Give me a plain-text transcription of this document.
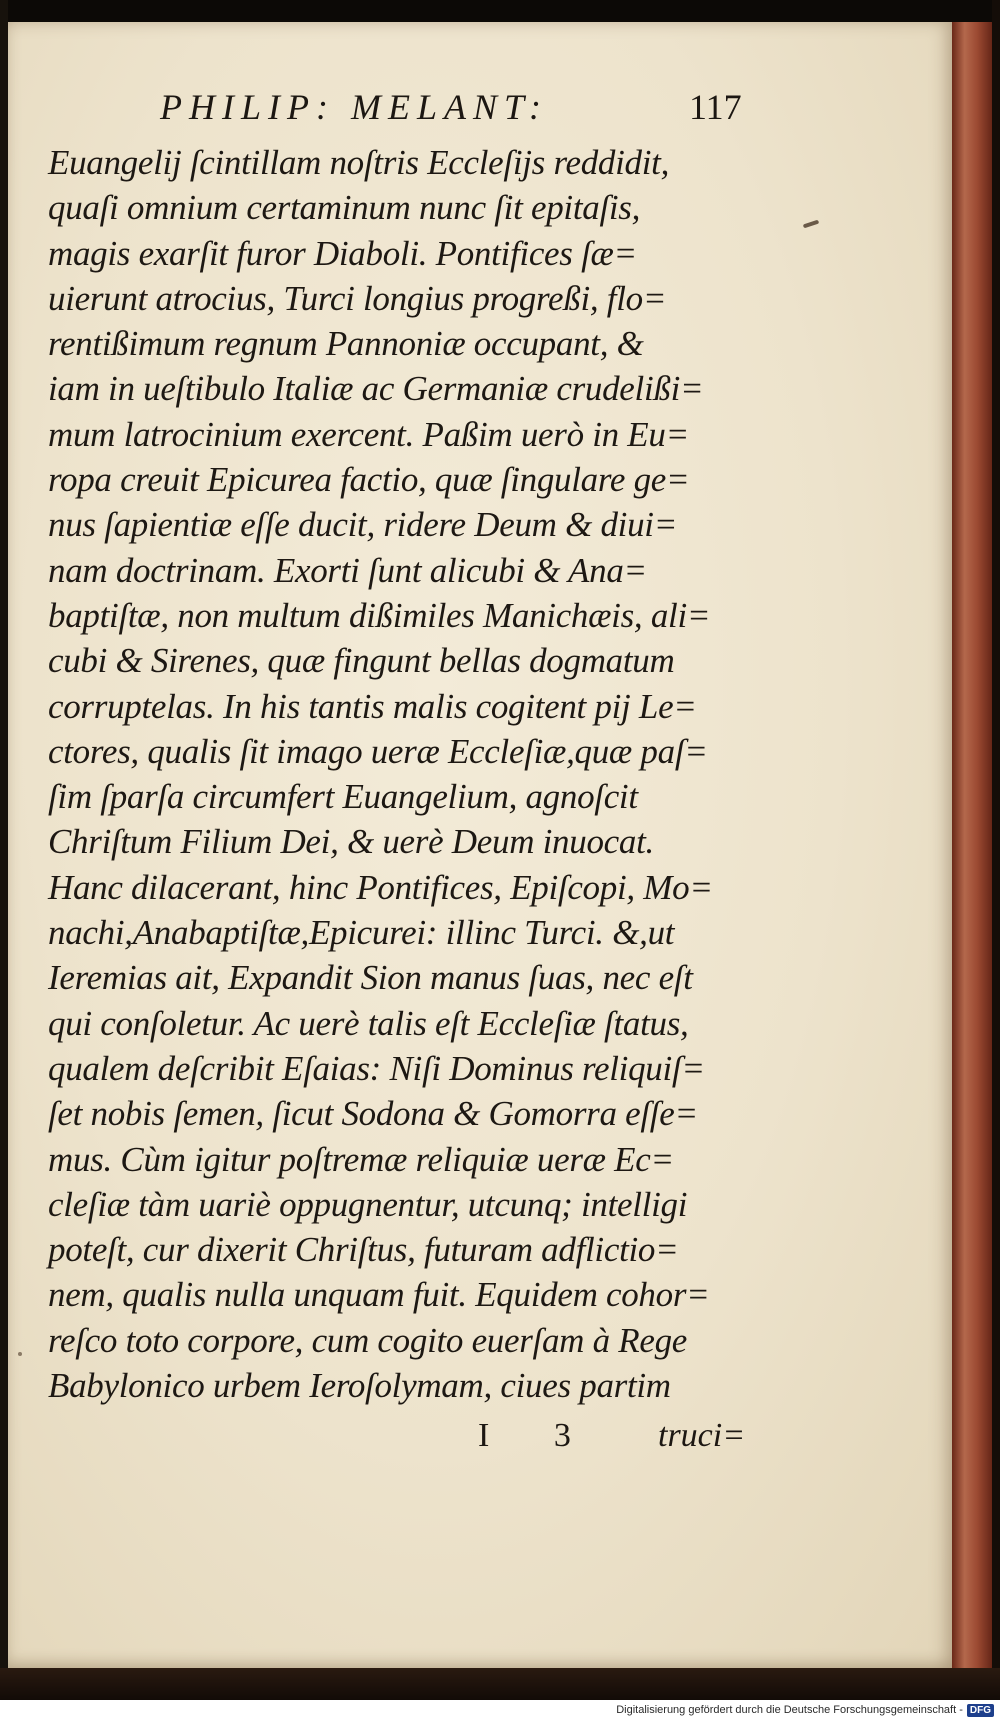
PHILIP: MELANT:	117
Euangelij ſcintillam noſtris Eccleſijs reddidit,
quaſi omnium certaminum nunc ſit epitaſis,
magis exarſit furor Diaboli. Pontifices ſæ=
uierunt atrocius, Turci longius progreßi, flo=
rentißimum regnum Pannoniæ occupant, &
iam in ueſtibulo Italiæ ac Germaniæ crudelißi=
mum latrocinium exercent. Paßim uerò in Eu=
ropa creuit Epicurea factio, quæ ſingulare ge=
nus ſapientiæ eſſe ducit, ridere Deum & diui=
nam doctrinam. Exorti ſunt alicubi & Ana=
baptiſtæ, non multum dißimiles Manichæis, ali=
cubi & Sirenes, quæ fingunt bellas dogmatum
corruptelas. In his tantis malis cogitent pij Le=
ctores, qualis ſit imago ueræ Eccleſiæ,quæ paſ=
ſim ſparſa circumfert Euangelium, agnoſcit
Chriſtum Filium Dei, & uerè Deum inuocat.
Hanc dilacerant, hinc Pontifices, Epiſcopi, Mo=
nachi,Anabaptiſtæ,Epicurei: illinc Turci. &,ut
Ieremias ait, Expandit Sion manus ſuas, nec eſt
qui conſoletur. Ac uerè talis eſt Eccleſiæ ſtatus,
qualem deſcribit Eſaias: Niſi Dominus reliquiſ=
ſet nobis ſemen, ſicut Sodona & Gomorra eſſe=
mus. Cùm igitur poſtremæ reliquiæ ueræ Ec=
cleſiæ tàm uariè oppugnentur, utcunq; intelligi
poteſt, cur dixerit Chriſtus, futuram adflictio=
nem, qualis nulla unquam fuit. Equidem cohor=
reſco toto corpore, cum cogito euerſam à Rege
Babylonico urbem Ieroſolymam, ciues partim
I 3 truci=
Digitalisierung gefördert durch die Deutsche Forschungsgemeinschaft - DFG
